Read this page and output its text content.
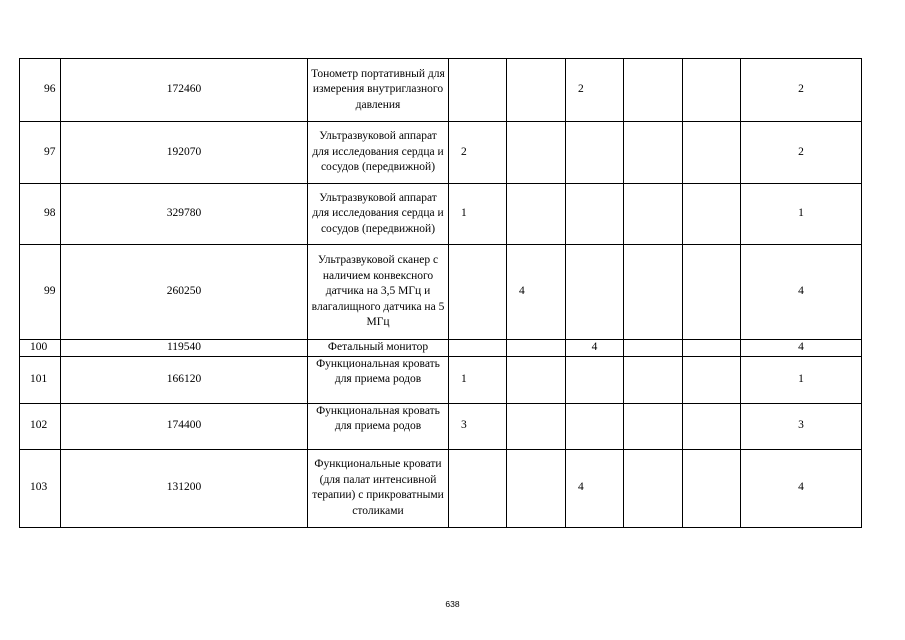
96	172460	Тонометр портативный для измерения внутриглазного давления			2			2
97	192070	Ультразвуковой аппарат для исследования сердца и сосудов (передвижной)	2					2
98	329780	Ультразвуковой аппарат для исследования сердца и сосудов (передвижной)	1					1
99	260250	Ультразвуковой сканер с наличием конвексного датчика на 3,5 МГц и влагалищного датчика на 5 МГц		4				4
100	119540	Фетальный монитор			4			4
101	166120	Функциональная кровать для приема родов	1					1
102	174400	Функциональная кровать для приема родов	3					3
103	131200	Функциональные кровати (для палат интенсивной терапии) с прикроватными столиками			4			4
638
